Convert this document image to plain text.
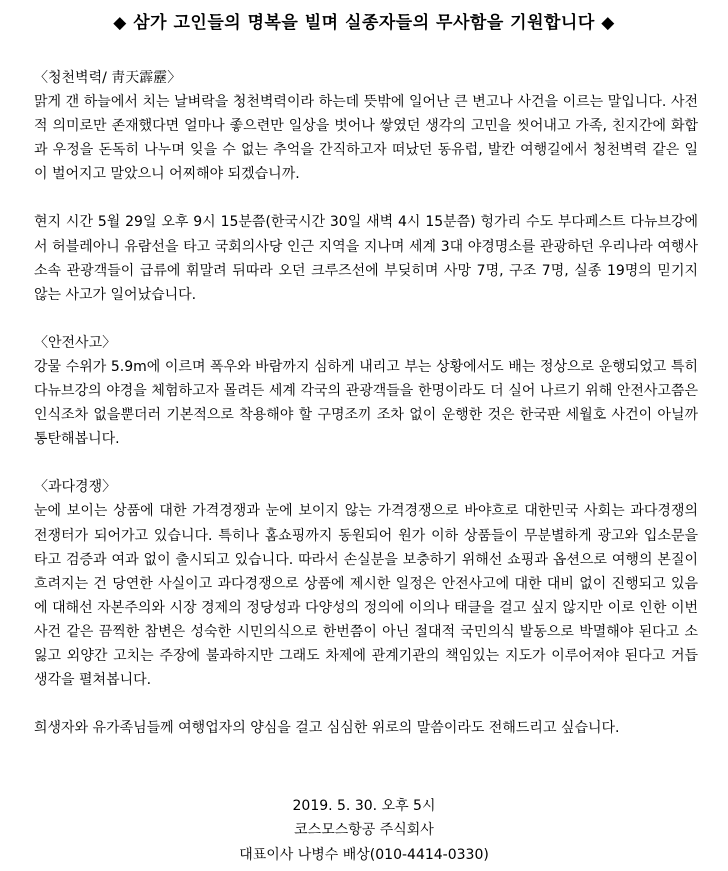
◆ 삼가 고인들의 명복을 빌며 실종자들의 무사함을 기원합니다 ◆

〈청천벽력/ 靑天霹靂〉

맑게 갠 하늘에서 치는 날벼락을 청천벽력이라 하는데 뜻밖에 일어난 큰 변고나 사건을 이르는 말입니다. 사전적 의미로만 존재했다면 얼마나 좋으련만 일상을 벗어나 쌓였던 생각의 고민을 씻어내고 가족, 친지간에 화합과 우정을 돈독히 나누며 잊을 수 없는 추억을 간직하고자 떠났던 동유럽, 발칸 여행길에서 청천벽력 같은 일이 벌어지고 말았으니 어찌해야 되겠습니까.

현지 시간 5월 29일 오후 9시 15분쯤(한국시간 30일 새벽 4시 15분쯤) 헝가리 수도 부다페스트 다뉴브강에서 허블레아니 유람선을 타고 국회의사당 인근 지역을 지나며 세계 3대 야경명소를 관광하던 우리나라 여행사 소속 관광객들이 급류에 휘말려 뒤따라 오던 크루즈선에 부딪히며 사망 7명, 구조 7명, 실종 19명의 믿기지 않는 사고가 일어났습니다.

〈안전사고〉

강물 수위가 5.9m에 이르며 폭우와 바람까지 심하게 내리고 부는 상황에서도 배는 정상으로 운행되었고 특히 다뉴브강의 야경을 체험하고자 몰려든 세계 각국의 관광객들을 한명이라도 더 실어 나르기 위해 안전사고쯤은 인식조차 없을뿐더러 기본적으로 착용해야 할 구명조끼 조차 없이 운행한 것은 한국판 세월호 사건이 아닐까 통탄해봅니다.

〈과다경쟁〉

눈에 보이는 상품에 대한 가격경쟁과 눈에 보이지 않는 가격경쟁으로 바야흐로 대한민국 사회는 과다경쟁의 전쟁터가 되어가고 있습니다. 특히나 홈쇼핑까지 동원되어 원가 이하 상품들이 무분별하게 광고와 입소문을 타고 검증과 여과 없이 출시되고 있습니다. 따라서 손실분을 보충하기 위해선 쇼핑과 옵션으로 여행의 본질이 흐려지는 건 당연한 사실이고 과다경쟁으로 상품에 제시한 일정은 안전사고에 대한 대비 없이 진행되고 있음에 대해선 자본주의와 시장 경제의 정당성과 다양성의 정의에 이의나 태클을 걸고 싶지 않지만 이로 인한 이번 사건 같은 끔찍한 참변은 성숙한 시민의식으로 한번쯤이 아닌 절대적 국민의식 발동으로 박멸해야 된다고 소 잃고 외양간 고치는 주장에 불과하지만 그래도 차제에 관계기관의 책임있는 지도가 이루어져야 된다고 거듭 생각을 펼쳐봅니다.

희생자와 유가족님들께 여행업자의 양심을 걸고 심심한 위로의 말씀이라도 전해드리고 싶습니다.

2019. 5. 30. 오후 5시
코스모스항공 주식회사
대표이사 나병수 배상(010-4414-0330)
